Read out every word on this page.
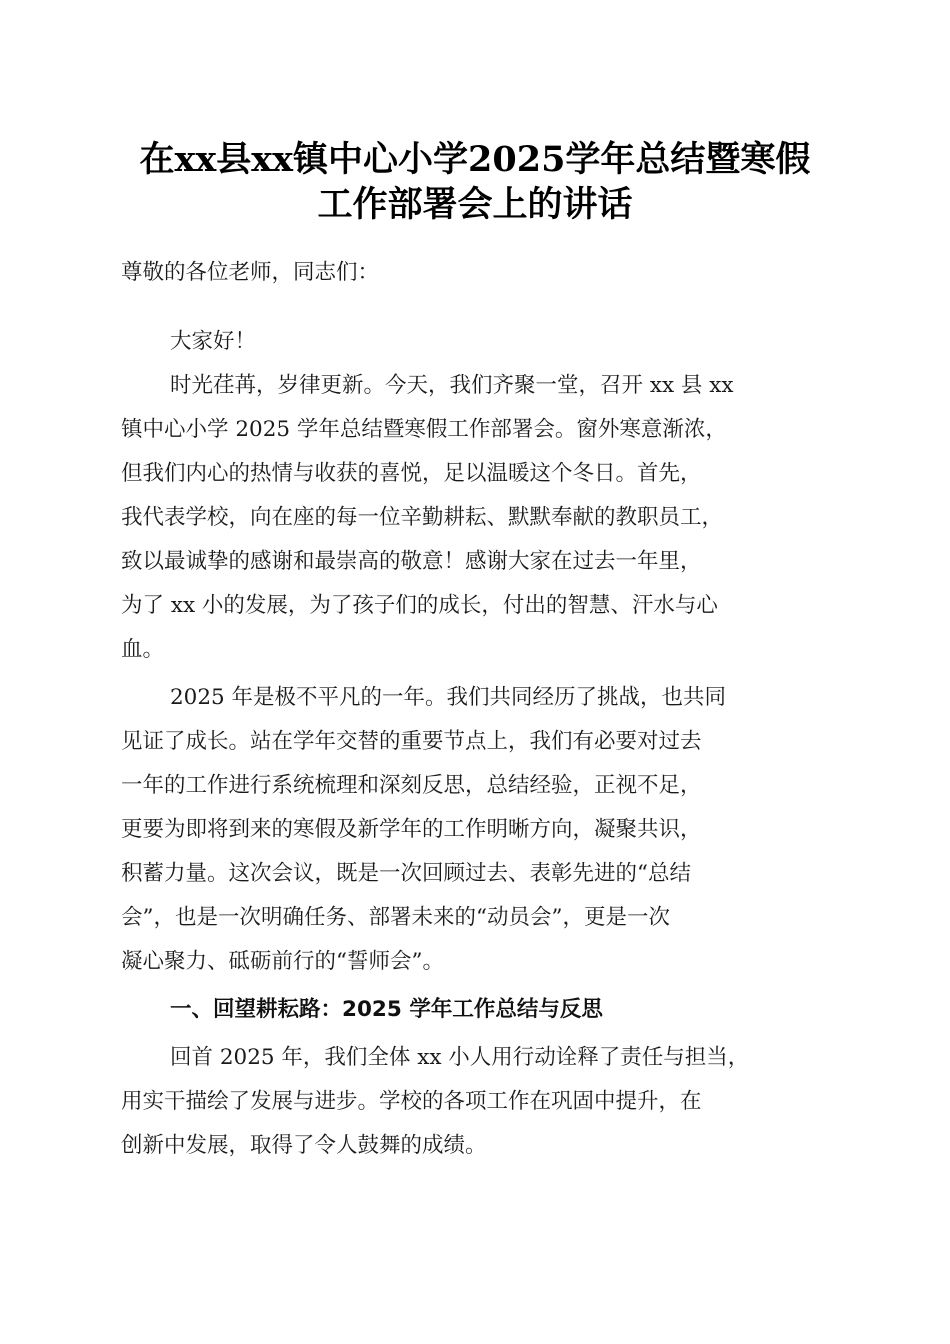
在xx县xx镇中心小学2025学年总结暨寒假
工作部署会上的讲话
尊敬的各位老师，同志们：
大家好！
时光荏苒，岁律更新。今天，我们齐聚一堂，召开 xx 县 xx
镇中心小学 2025 学年总结暨寒假工作部署会。窗外寒意渐浓，
但我们内心的热情与收获的喜悦，足以温暖这个冬日。首先，
我代表学校，向在座的每一位辛勤耕耘、默默奉献的教职员工，
致以最诚挚的感谢和最崇高的敬意！感谢大家在过去一年里，
为了 xx 小的发展，为了孩子们的成长，付出的智慧、汗水与心
血。
2025 年是极不平凡的一年。我们共同经历了挑战，也共同
见证了成长。站在学年交替的重要节点上，我们有必要对过去
一年的工作进行系统梳理和深刻反思，总结经验，正视不足，
更要为即将到来的寒假及新学年的工作明晰方向，凝聚共识，
积蓄力量。这次会议，既是一次回顾过去、表彰先进的“总结
会”，也是一次明确任务、部署未来的“动员会”，更是一次
凝心聚力、砥砺前行的“誓师会”。
一、回望耕耘路：2025 学年工作总结与反思
回首 2025 年，我们全体 xx 小人用行动诠释了责任与担当，
用实干描绘了发展与进步。学校的各项工作在巩固中提升，在
创新中发展，取得了令人鼓舞的成绩。
